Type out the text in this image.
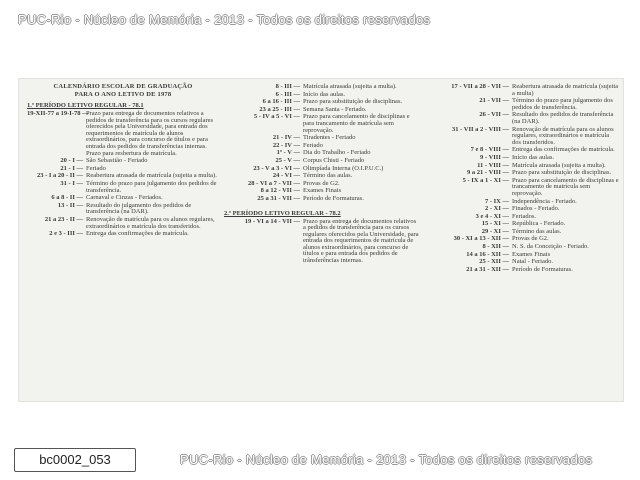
PUC-Rio - Núcleo de Memória - 2013 - Todos os direitos reservados
CALENDÁRIO ESCOLAR DE GRADUAÇÃO
PARA O ANO LETIVO DE 1978
1.º PERÍODO LETIVO REGULAR - 78.1
19-XII-77 a 19-I-78 —
Prazo para entrega de documentos relativos a pedidos de transferência para os cursos regulares oferecidos pela Universidade, para entrada dos requerimentos de matrícula de alunos extraordinários, para concurso de títulos e para entrada dos pedidos de transferências internas. Prazo para resbertura de matrícula.
20 - I — São Sebastião - Feriado
21 - I — Feriado
23 - I a 20 - II — Reabertura atrasada de matrícula (sujeita a multa).
31 - I — Término do prazo para julgamento dos pedidos de transferência.
6 a 8 - II — Carnaval e Cinzas - Feriados.
13 - II — Resultado do julgamento dos pedidos de transferência (na DAR).
21 a 23 - II — Renovação de matrícula para os alunos regulares, extraordinários e matrícula dos transferidos.
2 e 3 - III — Entrega das confirmações de matrícula.
8 - III — Matrícula atrasada (sujeita a multa).
6 - III — Início das aulas.
6 a 16 - III — Prazo para substituição de disciplinas.
23 a 25 - III — Semana Santa - Feriado.
5 - IV a 5 - VI — Prazo para cancelamento de disciplinas e para trancamento de matrícula sem reprovação.
21 - IV — Tiradentes - Feriado
22 - IV — Feriado
1º - V — Dia do Trabalho - Feriado
25 - V — Corpus Chisti - Feriado
23 - V a 3 - VI — Olimpíada Interna (O.I.P.U.C.)
24 - VI — Término das aulas.
28 - VI a 7 - VII — Provas de G2.
8 a 12 - VII — Exames Finais
25 a 31 - VII — Período de Formaturas.
2.º PERÍODO LETIVO REGULAR - 78.2
19 - VI a 14 - VII — Prazo para entrega de documentos relativos a pedidos de transferência para os cursos regulares oferecidos pela Universidade, para entrada dos requerimentos de matrícula de alunos extraordinários, para concurso de títulos e para entrada dos pedidos de trânsferências internas.
17 - VII a 28 - VII — Reabertura atrasada de matrícula (sujeita a multa)
21 - VII — Término do prazo para julgamento dos pedidos de transferência.
26 - VII — Resultado dos pedidos de transferência (na DAR).
31 - VII a 2 - VIII — Renovação de matrícula para os alunos regulares, extraordinários e matrícula dos transferidos.
7 e 8 - VIII — Entrega das confirmações de matrícula.
9 - VIII — Início das aulas.
11 - VIII — Matrícula atrasada (sujeita a multa).
9 a 21 - VIII — Prazo para substituição de disciplinas.
5 - IX a 1 - XI — Prazo para cancelamento de disciplinas e trancamento de matrícula sem reprovação.
7 - IX — Independência - Feriado.
2 - XI — Finados - Feriado.
3 e 4 - XI — Feriados.
15 - XI — República - Feriado.
29 - XI — Término das aulas.
30 - XI a 13 - XII — Provas de G2.
8 - XII — N. S. da Conceição - Feriado.
14 a 16 - XII — Exames Finais
25 - XII — Natal - Feriado.
21 a 31 - XII — Período de Formaturas.
bc0002_053	PUC-Rio - Núcleo de Memória - 2013 - Todos os direitos reservados
